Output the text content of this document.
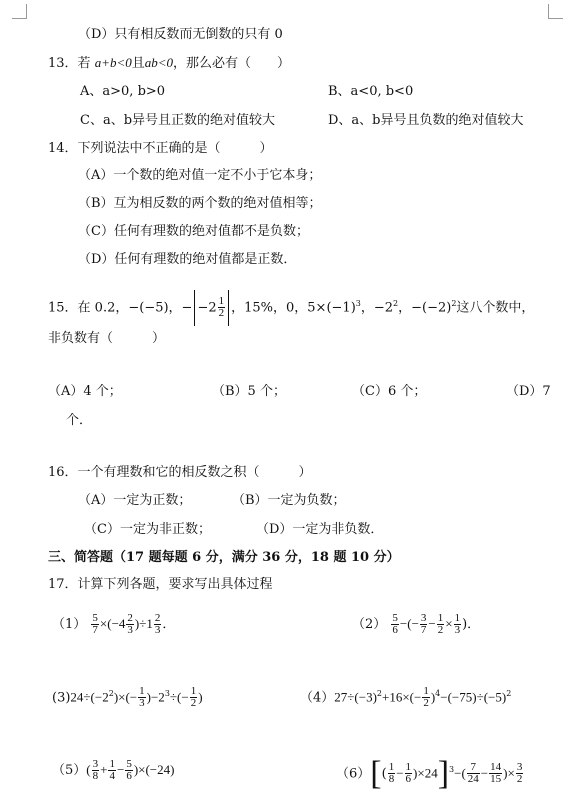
（D）只有相反数而无倒数的只有 0
13．若 a+b<0且ab<0，那么必有（　　）
A、a>0, b>0	B、a<0, b<0
C、a、b异号且正数的绝对值较大	D、a、b异号且负数的绝对值较大
14．下列说法中不正确的是（　　　）
（A）一个数的绝对值一定不小于它本身；
（B）互为相反数的两个数的绝对值相等；
（C）任何有理数的绝对值都不是负数；
（D）任何有理数的绝对值都是正数．
15．在 0.2，−(−5)，− $-2 \frac{1}{2}$ ，15%，0，$5\times(-1)^3$，$-2^2$，$-(-2)^2$这八个数中，
非负数有（　　　）
（A）4 个；	（B）5 个；	（C）6 个；	（D）7
个．
16．一个有理数和它的相反数之积（　　　）
（A）一定为正数；	（B）一定为负数；
（C）一定为非正数；	（D）一定为非负数．
三、简答题（17 题每题 6 分，满分 36 分，18 题 10 分）
17．计算下列各题，要求写出具体过程
$(1) \frac{5}{7} \times(-4 \frac{2}{3} )\div 1 \frac{2}{3}$ ．	$(2) \frac{5}{6}$ −(− $\frac{3}{7} - \frac{1}{2} \times \frac{1}{3}$ )．
$(3)24\div(-2^2)\times(- \frac{1}{3} )-2^3\div(- \frac{1}{2}$ )	$(4)27\div(-3)^2+16\times(- \frac{1}{2} )^4-(-75)\div(-5)^2$
$(5)( \frac{3}{8} + \frac{1}{4} - \frac{5}{6} )\times(-24)$	$(6)[( \frac{1}{8} - \frac{1}{6} )\times 24]^3-( \frac{7}{24} - \frac{14}{15}$ )× $\frac{3}{2}$
